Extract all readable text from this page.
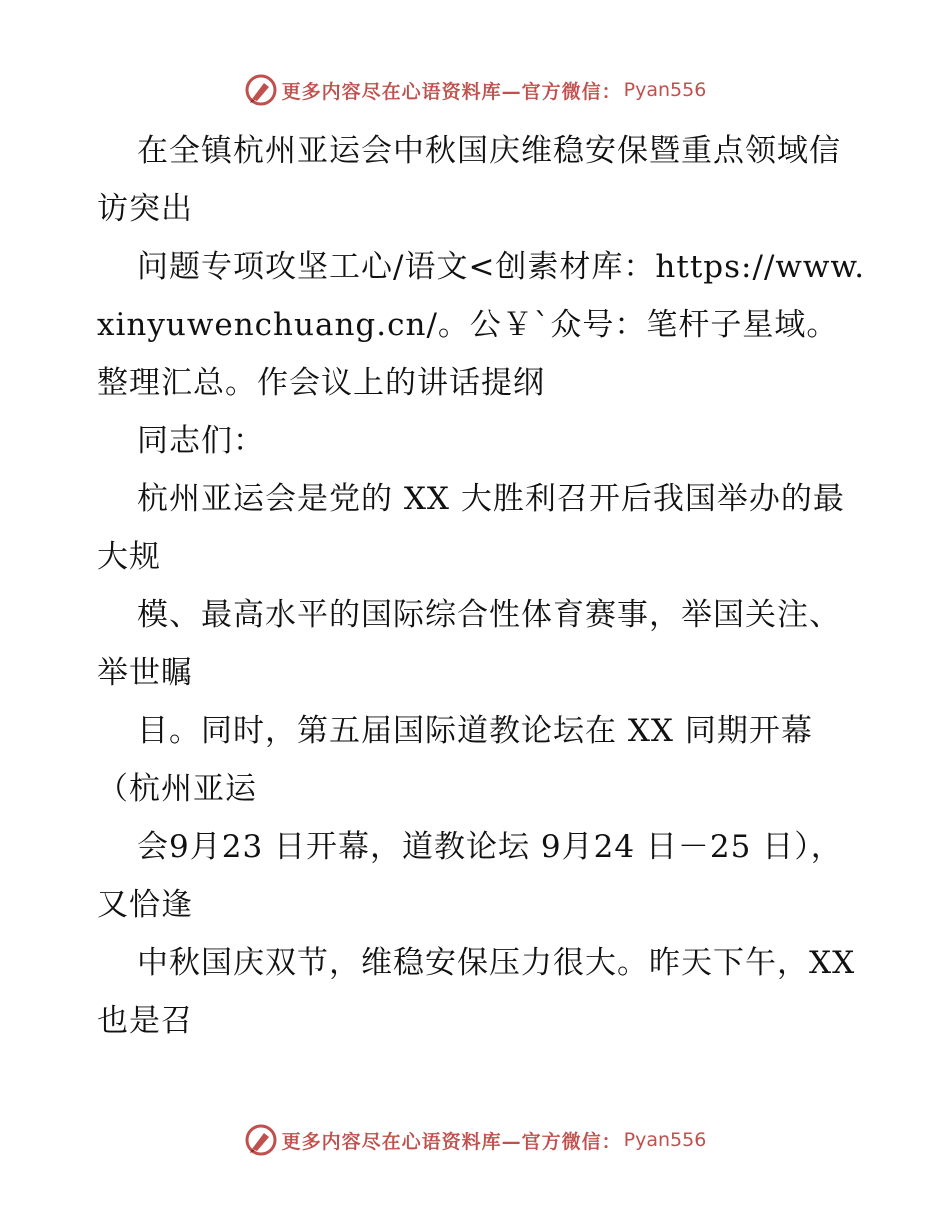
更多内容尽在心语资料库—官方微信： Pyan556

在全镇杭州亚运会中秋国庆维稳安保暨重点领域信访突出

问题专项攻坚工心/语文<创素材库：https://www.xinyuwenchuang.cn/。公￥`众号：笔杆子星域。整理汇总。作会议上的讲话提纲

同志们：

杭州亚运会是党的 XX 大胜利召开后我国举办的最大规

模、最高水平的国际综合性体育赛事，举国关注、举世瞩

目。同时，第五届国际道教论坛在 XX 同期开幕（杭州亚运

会9月23 日开幕，道教论坛 9月24 日－25 日），又恰逢

中秋国庆双节，维稳安保压力很大。昨天下午，XX 也是召

更多内容尽在心语资料库—官方微信： Pyan556
